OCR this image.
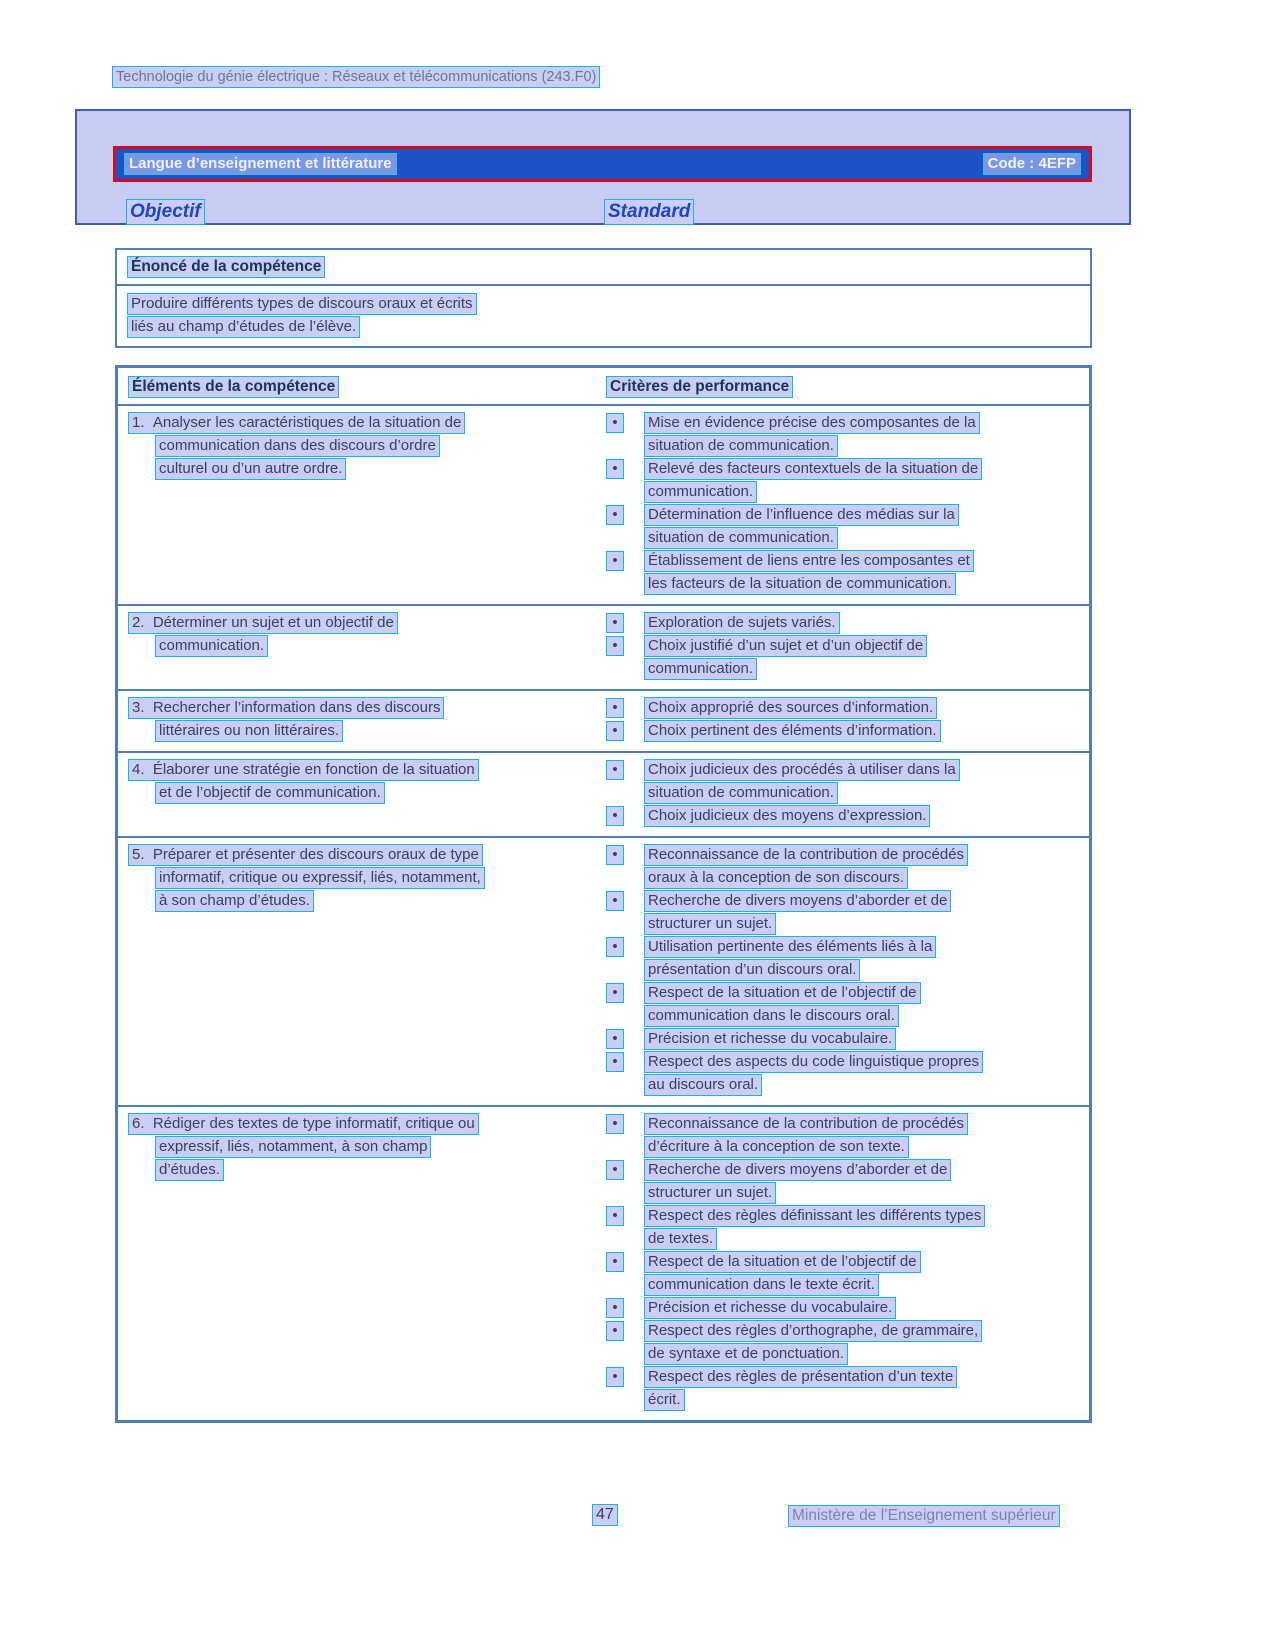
Technologie du génie électrique : Réseaux et télécommunications (243.F0)
Langue d’enseignement et littérature	Code : 4EFP
Objectif	Standard
Énoncé de la compétence
Produire différents types de discours oraux et écrits
liés au champ d’études de l’élève.
Éléments de la compétence	Critères de performance
1.  Analyser les caractéristiques de la situation de
communication dans des discours d’ordre
culturel ou d’un autre ordre.
•	Mise en évidence précise des composantes de la
situation de communication.
•	Relevé des facteurs contextuels de la situation de
communication.
•	Détermination de l’influence des médias sur la
situation de communication.
•	Établissement de liens entre les composantes et
les facteurs de la situation de communication.
2.  Déterminer un sujet et un objectif de
communication.
•	Exploration de sujets variés.
•	Choix justifié d’un sujet et d’un objectif de
communication.
3.  Rechercher l’information dans des discours
littéraires ou non littéraires.
•	Choix approprié des sources d’information.
•	Choix pertinent des éléments d’information.
4.  Élaborer une stratégie en fonction de la situation
et de l’objectif de communication.
•	Choix judicieux des procédés à utiliser dans la
situation de communication.
•	Choix judicieux des moyens d’expression.
5.  Préparer et présenter des discours oraux de type
informatif, critique ou expressif, liés, notamment,
à son champ d’études.
•	Reconnaissance de la contribution de procédés
oraux à la conception de son discours.
•	Recherche de divers moyens d’aborder et de
structurer un sujet.
•	Utilisation pertinente des éléments liés à la
présentation d’un discours oral.
•	Respect de la situation et de l’objectif de
communication dans le discours oral.
•	Précision et richesse du vocabulaire.
•	Respect des aspects du code linguistique propres
au discours oral.
6.  Rédiger des textes de type informatif, critique ou
expressif, liés, notamment, à son champ
d’études.
•	Reconnaissance de la contribution de procédés
d’écriture à la conception de son texte.
•	Recherche de divers moyens d’aborder et de
structurer un sujet.
•	Respect des règles définissant les différents types
de textes.
•	Respect de la situation et de l’objectif de
communication dans le texte écrit.
•	Précision et richesse du vocabulaire.
•	Respect des règles d’orthographe, de grammaire,
de syntaxe et de ponctuation.
•	Respect des règles de présentation d’un texte
écrit.
47	Ministère de l’Enseignement supérieur
